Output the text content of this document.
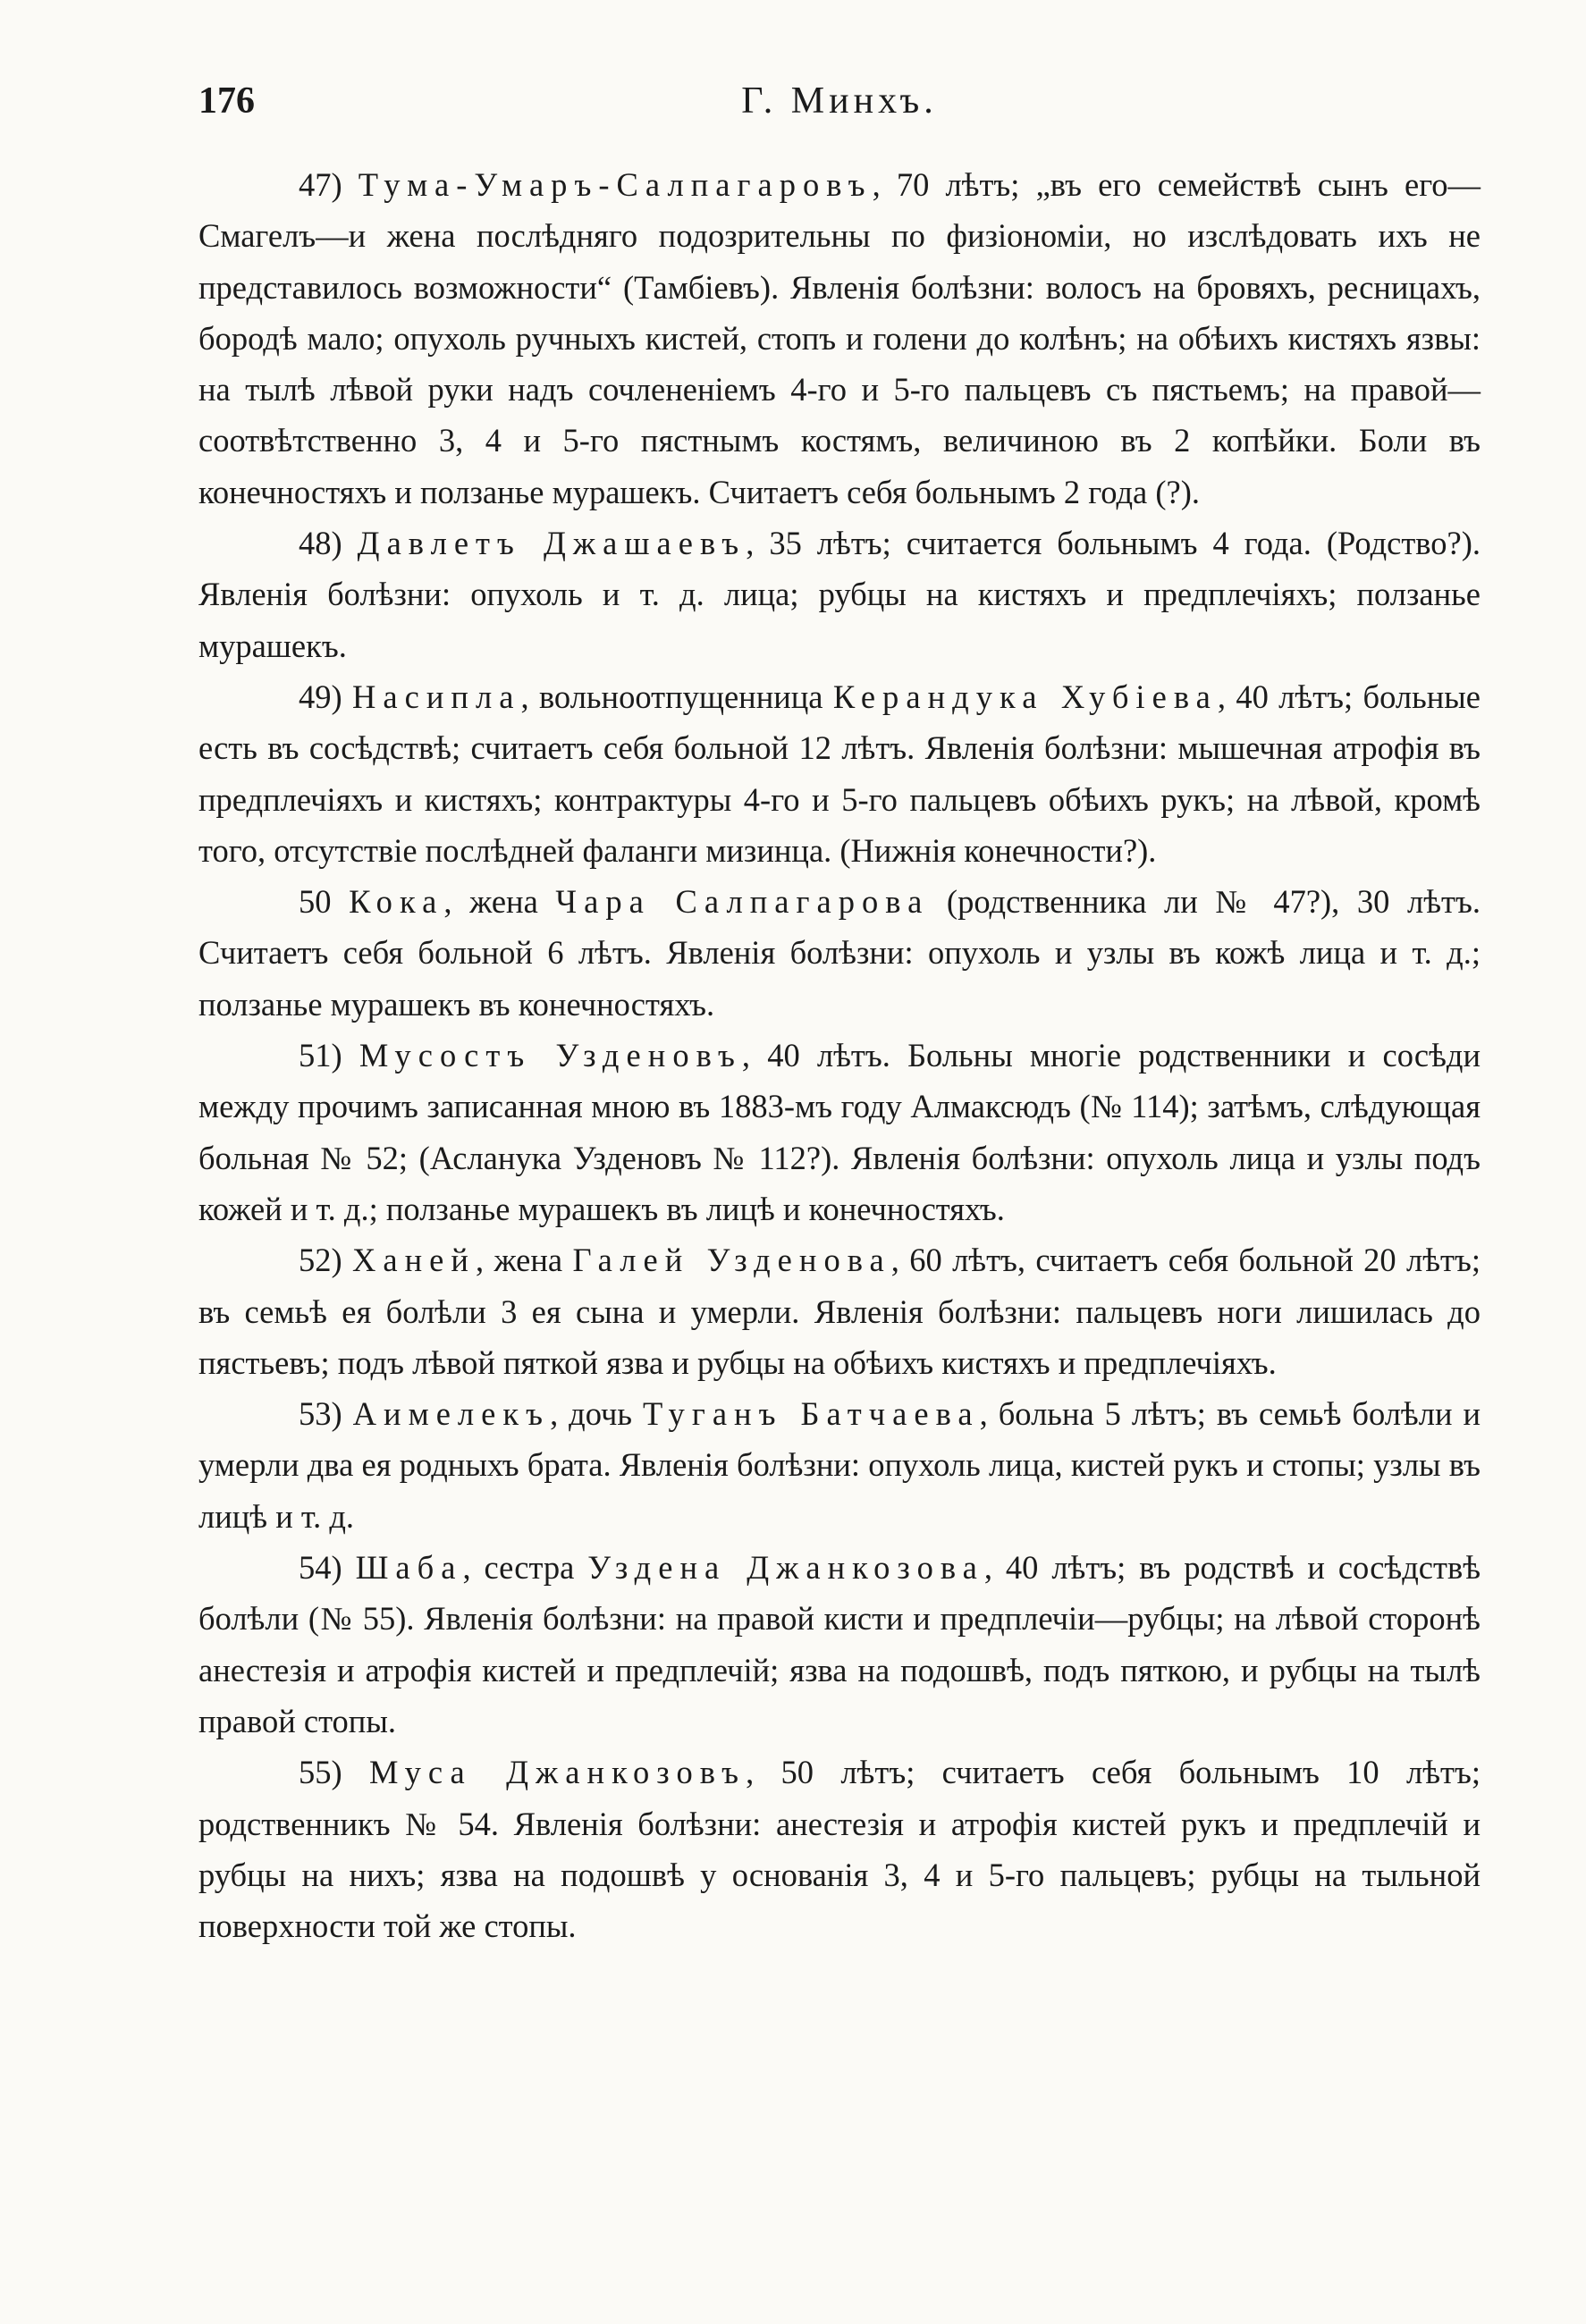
176	Г. Минхъ.

47) Тума-Умаръ-Салпагаровъ, 70 лѣтъ; „въ его семействѣ сынъ его—Смагелъ—и жена послѣдняго подозрительны по физіономіи, но изслѣдовать ихъ не представилось возможности“ (Тамбіевъ). Явленія болѣзни: волосъ на бровяхъ, ресницахъ, бородѣ мало; опухоль ручныхъ кистей, стопъ и голени до колѣнъ; на обѣихъ кистяхъ язвы: на тылѣ лѣвой руки надъ сочлененіемъ 4-го и 5-го пальцевъ съ пястьемъ; на правой—соотвѣтственно 3, 4 и 5-го пястнымъ костямъ, величиною въ 2 копѣйки. Боли въ конечностяхъ и ползанье мурашекъ. Считаетъ себя больнымъ 2 года (?).

48) Давлетъ Джашаевъ, 35 лѣтъ; считается больнымъ 4 года. (Родство?). Явленія болѣзни: опухоль и т. д. лица; рубцы на кистяхъ и предплечіяхъ; ползанье мурашекъ.

49) Насипла, вольноотпущенница Керандука Хубіева, 40 лѣтъ; больные есть въ сосѣдствѣ; считаетъ себя больной 12 лѣтъ. Явленія болѣзни: мышечная атрофія въ предплечіяхъ и кистяхъ; контрактуры 4-го и 5-го пальцевъ обѣихъ рукъ; на лѣвой, кромѣ того, отсутствіе послѣдней фаланги мизинца. (Нижнія конечности?).

50 Кока, жена Чара Салпагарова (родственника ли № 47?), 30 лѣтъ. Считаетъ себя больной 6 лѣтъ. Явленія болѣзни: опухоль и узлы въ кожѣ лица и т. д.; ползанье мурашекъ въ конечностяхъ.

51) Мусостъ Узденовъ, 40 лѣтъ. Больны многіе родственники и сосѣди между прочимъ записанная мною въ 1883-мъ году Алмаксюдъ (№ 114); затѣмъ, слѣдующая больная № 52; (Асланука Узденовъ № 112?). Явленія болѣзни: опухоль лица и узлы подъ кожей и т. д.; ползанье мурашекъ въ лицѣ и конечностяхъ.

52) Ханей, жена Галей Узденова, 60 лѣтъ, считаетъ себя больной 20 лѣтъ; въ семьѣ ея болѣли 3 ея сына и умерли. Явленія болѣзни: пальцевъ ноги лишилась до пястьевъ; подъ лѣвой пяткой язва и рубцы на обѣихъ кистяхъ и предплечіяхъ.

53) Аимелекъ, дочь Туганъ Батчаева, больна 5 лѣтъ; въ семьѣ болѣли и умерли два ея родныхъ брата. Явленія болѣзни: опухоль лица, кистей рукъ и стопы; узлы въ лицѣ и т. д.

54) Шаба, сестра Уздена Джанкозова, 40 лѣтъ; въ родствѣ и сосѣдствѣ болѣли (№ 55). Явленія болѣзни: на правой кисти и предплечіи—рубцы; на лѣвой сторонѣ анестезія и атрофія кистей и предплечій; язва на подошвѣ, подъ пяткою, и рубцы на тылѣ правой стопы.

55) Муса Джанкозовъ, 50 лѣтъ; считаетъ себя больнымъ 10 лѣтъ; родственникъ № 54. Явленія болѣзни: анестезія и атрофія кистей рукъ и предплечій и рубцы на нихъ; язва на подошвѣ у основанія 3, 4 и 5-го пальцевъ; рубцы на тыльной поверхности той же стопы.
